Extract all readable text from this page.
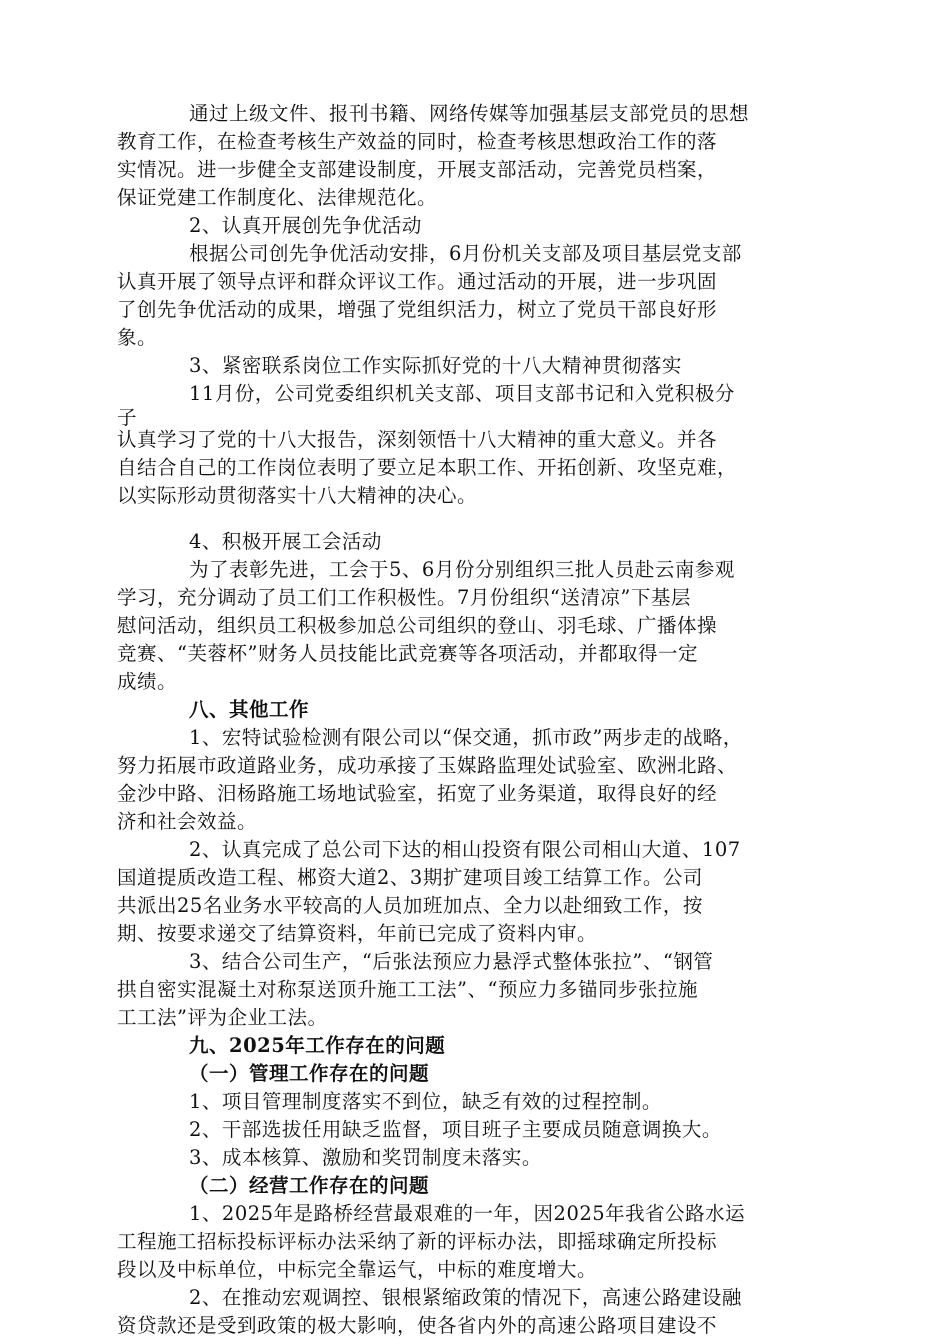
通过上级文件、报刊书籍、网络传媒等加强基层支部党员的思想
教育工作，在检查考核生产效益的同时，检查考核思想政治工作的落
实情况。进一步健全支部建设制度，开展支部活动，完善党员档案，
保证党建工作制度化、法律规范化。
2、认真开展创先争优活动
根据公司创先争优活动安排，6月份机关支部及项目基层党支部
认真开展了领导点评和群众评议工作。通过活动的开展，进一步巩固
了创先争优活动的成果，增强了党组织活力，树立了党员干部良好形
象。
3、紧密联系岗位工作实际抓好党的十八大精神贯彻落实
11月份，公司党委组织机关支部、项目支部书记和入党积极分
子
认真学习了党的十八大报告，深刻领悟十八大精神的重大意义。并各
自结合自己的工作岗位表明了要立足本职工作、开拓创新、攻坚克难，
以实际形动贯彻落实十八大精神的决心。
4、积极开展工会活动
为了表彰先进，工会于5、6月份分别组织三批人员赴云南参观
学习，充分调动了员工们工作积极性。7月份组织“送清凉”下基层
慰问活动，组织员工积极参加总公司组织的登山、羽毛球、广播体操
竞赛、“芙蓉杯”财务人员技能比武竞赛等各项活动，并都取得一定
成绩。
八、其他工作
1、宏特试验检测有限公司以“保交通，抓市政”两步走的战略，
努力拓展市政道路业务，成功承接了玉媒路监理处试验室、欧洲北路、
金沙中路、汨杨路施工场地试验室，拓宽了业务渠道，取得良好的经
济和社会效益。
2、认真完成了总公司下达的相山投资有限公司相山大道、107
国道提质改造工程、郴资大道2、3期扩建项目竣工结算工作。公司
共派出25名业务水平较高的人员加班加点、全力以赴细致工作，按
期、按要求递交了结算资料，年前已完成了资料内审。
3、结合公司生产，“后张法预应力悬浮式整体张拉”、“钢管
拱自密实混凝土对称泵送顶升施工工法”、“预应力多锚同步张拉施
工工法”评为企业工法。
九、2025年工作存在的问题
（一）管理工作存在的问题
1、项目管理制度落实不到位，缺乏有效的过程控制。
2、干部选拔任用缺乏监督，项目班子主要成员随意调换大。
3、成本核算、激励和奖罚制度未落实。
（二）经营工作存在的问题
1、2025年是路桥经营最艰难的一年，因2025年我省公路水运
工程施工招标投标评标办法采纳了新的评标办法，即摇球确定所投标
段以及中标单位，中标完全靠运气，中标的难度增大。
2、在推动宏观调控、银根紧缩政策的情况下，高速公路建设融
资贷款还是受到政策的极大影响，使各省内外的高速公路项目建设不
